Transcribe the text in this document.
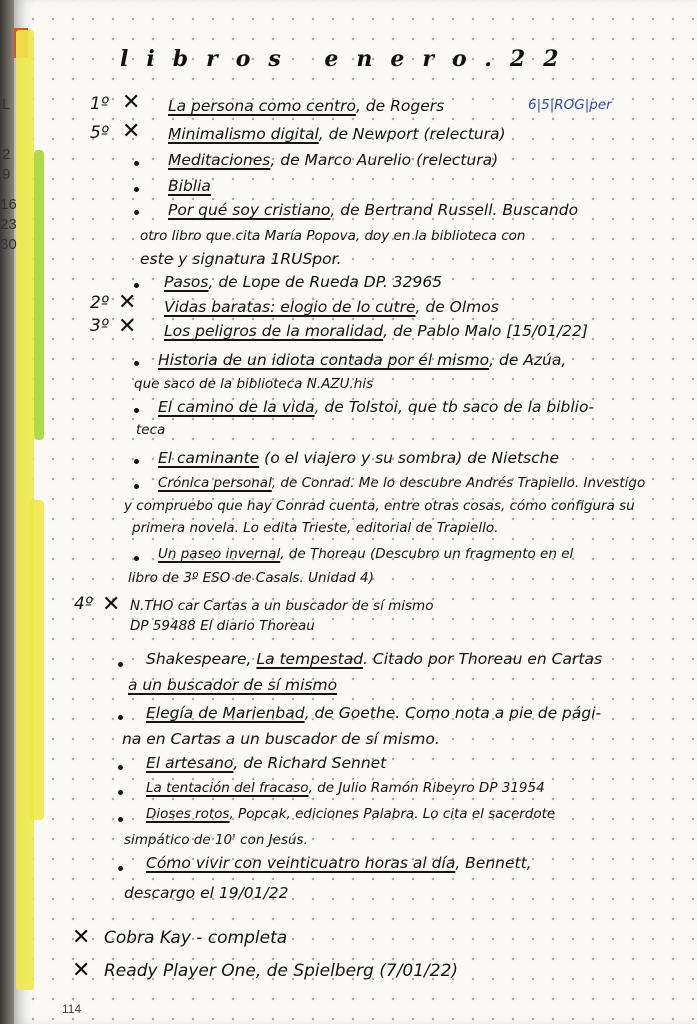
L
2
9
16
23
30
libros enero.22
1º ✕ La persona como centro, de Rogers	6|5|ROG|per
5º ✕ Minimalismo digital, de Newport (relectura)
Meditaciones, de Marco Aurelio (relectura)
Biblia
Por qué soy cristiano, de Bertrand Russell. Buscando
otro libro que cita María Popova, doy en la biblioteca con
este y signatura 1RUSpor.
Pasos, de Lope de Rueda DP. 32965
2º ✕ Vidas baratas: elogio de lo cutre, de Olmos
3º ✕ Los peligros de la moralidad, de Pablo Malo [15/01/22]
Historia de un idiota contada por él mismo, de Azúa,
que saco de la biblioteca N.AZU.his
El camino de la vida, de Tolstoi, que tb saco de la biblio-
teca
El caminante (o el viajero y su sombra) de Nietsche
Crónica personal, de Conrad. Me lo descubre Andrés Trapiello. Investigo
y compruebo que hay Conrad cuenta, entre otras cosas, cómo configura su
primera novela. Lo edita Trieste, editorial de Trapiello.
Un paseo invernal, de Thoreau (Descubro un fragmento en el
libro de 3º ESO de Casals. Unidad 4)
4º ✕ N.THO car Cartas a un buscador de sí mismo
DP 59488 El diario Thoreau
Shakespeare, La tempestad. Citado por Thoreau en Cartas
a un buscador de sí mismo
Elegía de Marienbad, de Goethe. Como nota a pie de pági-
na en Cartas a un buscador de sí mismo.
El artesano, de Richard Sennet
La tentación del fracaso, de Julio Ramón Ribeyro DP 31954
Dioses rotos, Popcak, ediciones Palabra. Lo cita el sacerdote
simpático de 10' con Jesús.
Cómo vivir con veinticuatro horas al día, Bennett,
descargo el 19/01/22
✕ Cobra Kay - completa
✕ Ready Player One, de Spielberg (7/01/22)
114
